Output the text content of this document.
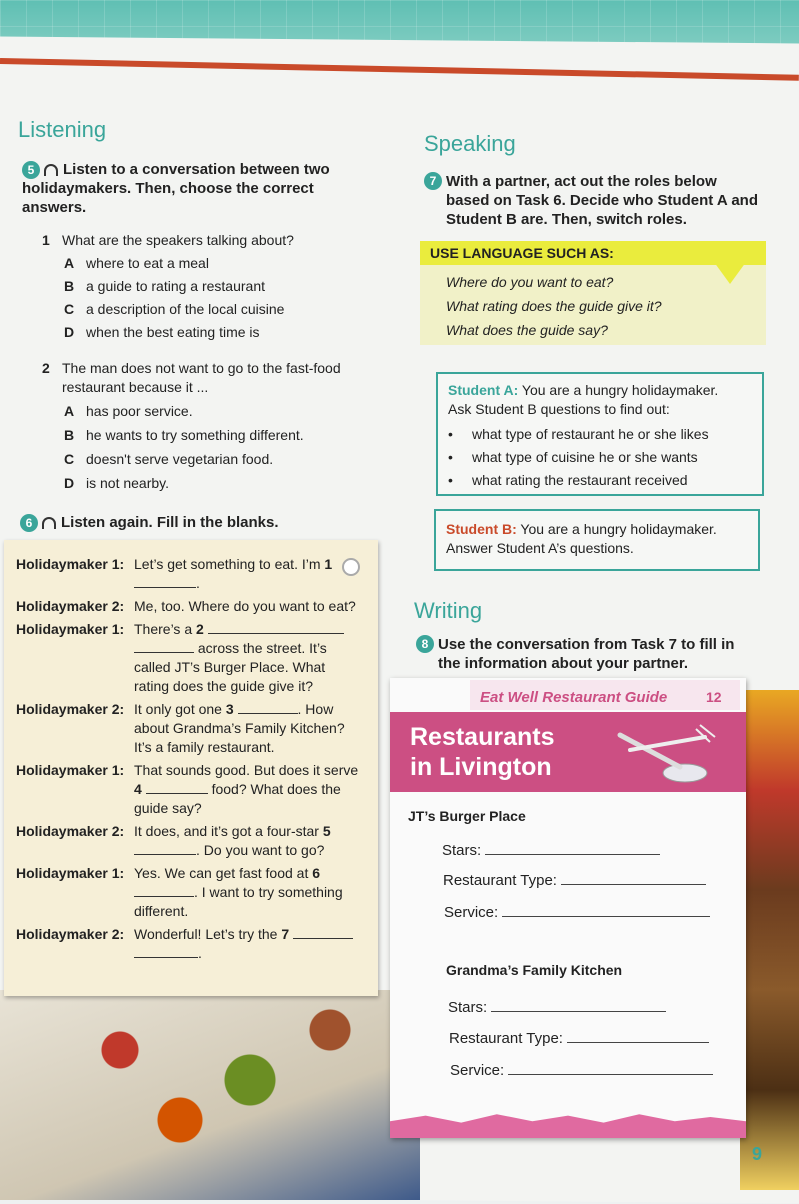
Listening
5 Listen to a conversation between two holidaymakers. Then, choose the correct answers.
1 What are the speakers talking about?
A where to eat a meal
B a guide to rating a restaurant
C a description of the local cuisine
D when the best eating time is
2 The man does not want to go to the fast-food restaurant because it ...
A has poor service.
B he wants to try something different.
C doesn't serve vegetarian food.
D is not nearby.
6 Listen again. Fill in the blanks.
Holidaymaker 1: Let’s get something to eat. I’m 1 .
Holidaymaker 2: Me, too. Where do you want to eat?
Holidaymaker 1: There’s a 2   across the street. It’s called JT’s Burger Place. What rating does the guide give it?
Holidaymaker 2: It only got one 3	. How about Grandma’s Family Kitchen? It’s a family restaurant.
Holidaymaker 1: That sounds good. But does it serve 4	food? What does the guide say?
Holidaymaker 2: It does, and it’s got a four-star 5 . Do you want to go?
Holidaymaker 1: Yes. We can get fast food at 6 . I want to try something different.
Holidaymaker 2: Wonderful! Let’s try the 7  .
Speaking
7 With a partner, act out the roles below based on Task 6. Decide who Student A and Student B are. Then, switch roles.
USE LANGUAGE SUCH AS:
Where do you want to eat?
What rating does the guide give it?
What does the guide say?
Student A: You are a hungry holidaymaker.
Ask Student B questions to find out:
• what type of restaurant he or she likes
• what type of cuisine he or she wants
• what rating the restaurant received
Student B: You are a hungry holidaymaker.
Answer Student A’s questions.
Writing
8 Use the conversation from Task 7 to fill in the information about your partner.
Eat Well Restaurant Guide	12
Restaurants
in Livington
JT’s Burger Place
Stars:
Restaurant Type:
Service:
Grandma’s Family Kitchen
Stars:
Restaurant Type:
Service:
9
